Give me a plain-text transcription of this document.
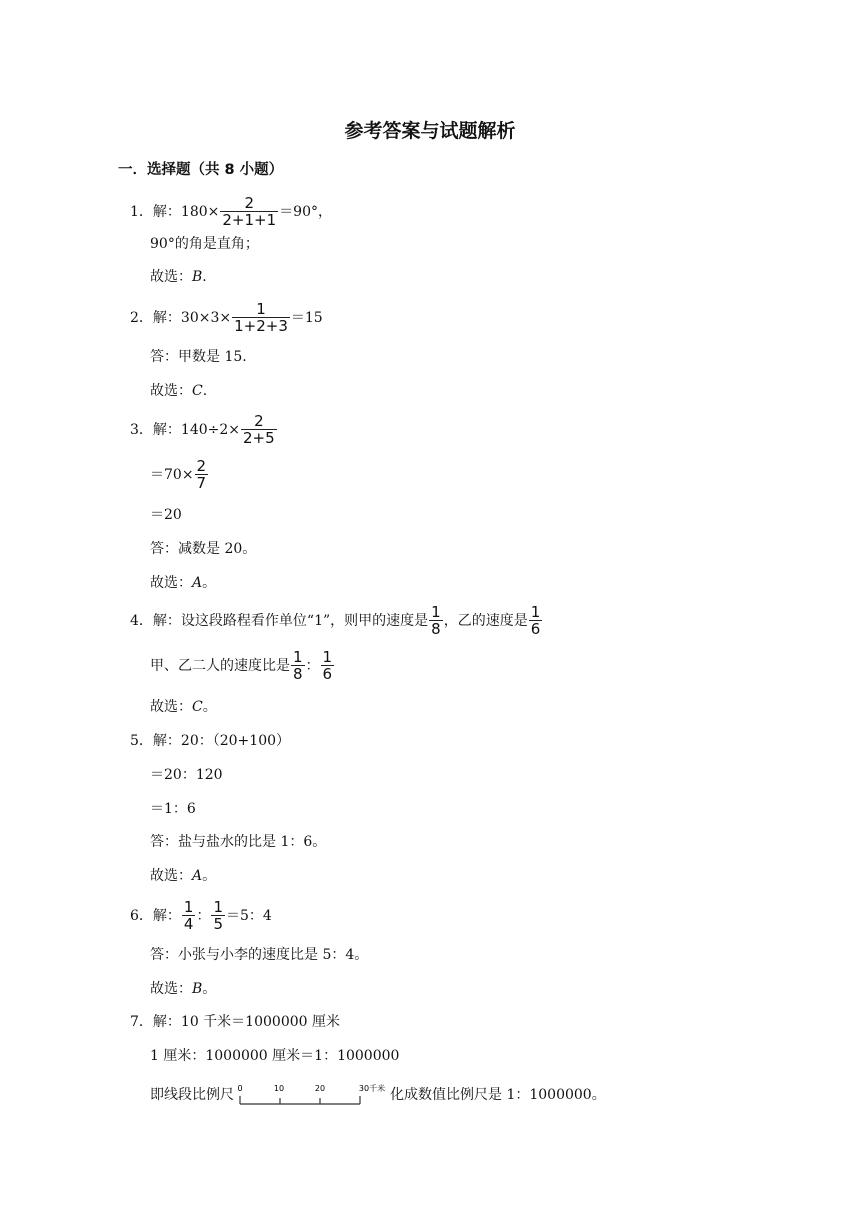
参考答案与试题解析
一．选择题（共 8 小题）
1． 解：$180\times \frac{2}{2+1+1} =90^\circ$，
90°的角是直角；
故选： B .
2． 解：$30\times 3\times \frac{1}{1+2+3} =15$
答：甲数是 15.
故选： C .
3． 解：$140\div 2\times \frac{2}{2+5}$
$=70\times \frac{2}{7}$
＝20
答：减数是 20。
故选： A 。
4． 解：设这段路程看作单位“1”，则甲的速度是 $\frac{1}{8}$ ，乙的速度是 $\frac{1}{6}$
甲、乙二人的速度比是 $\frac{1}{8}$ ： $\frac{1}{6}$
故选： C 。
5． 解：20：（20+100）
＝20：120
＝1：6
答：盐与盐水的比是 1：6。
故选： A 。
6． 解： $\frac{1}{4}$ ： $\frac{1}{5} =5$：4
答：小张与小李的速度比是 5：4。
故选： B 。
7． 解：10 千米＝1000000 厘米
1 厘米：1000000 厘米＝1：1000000
即线段比例尺 0	10	20	30千米 化成数值比例尺是 1：1000000。
